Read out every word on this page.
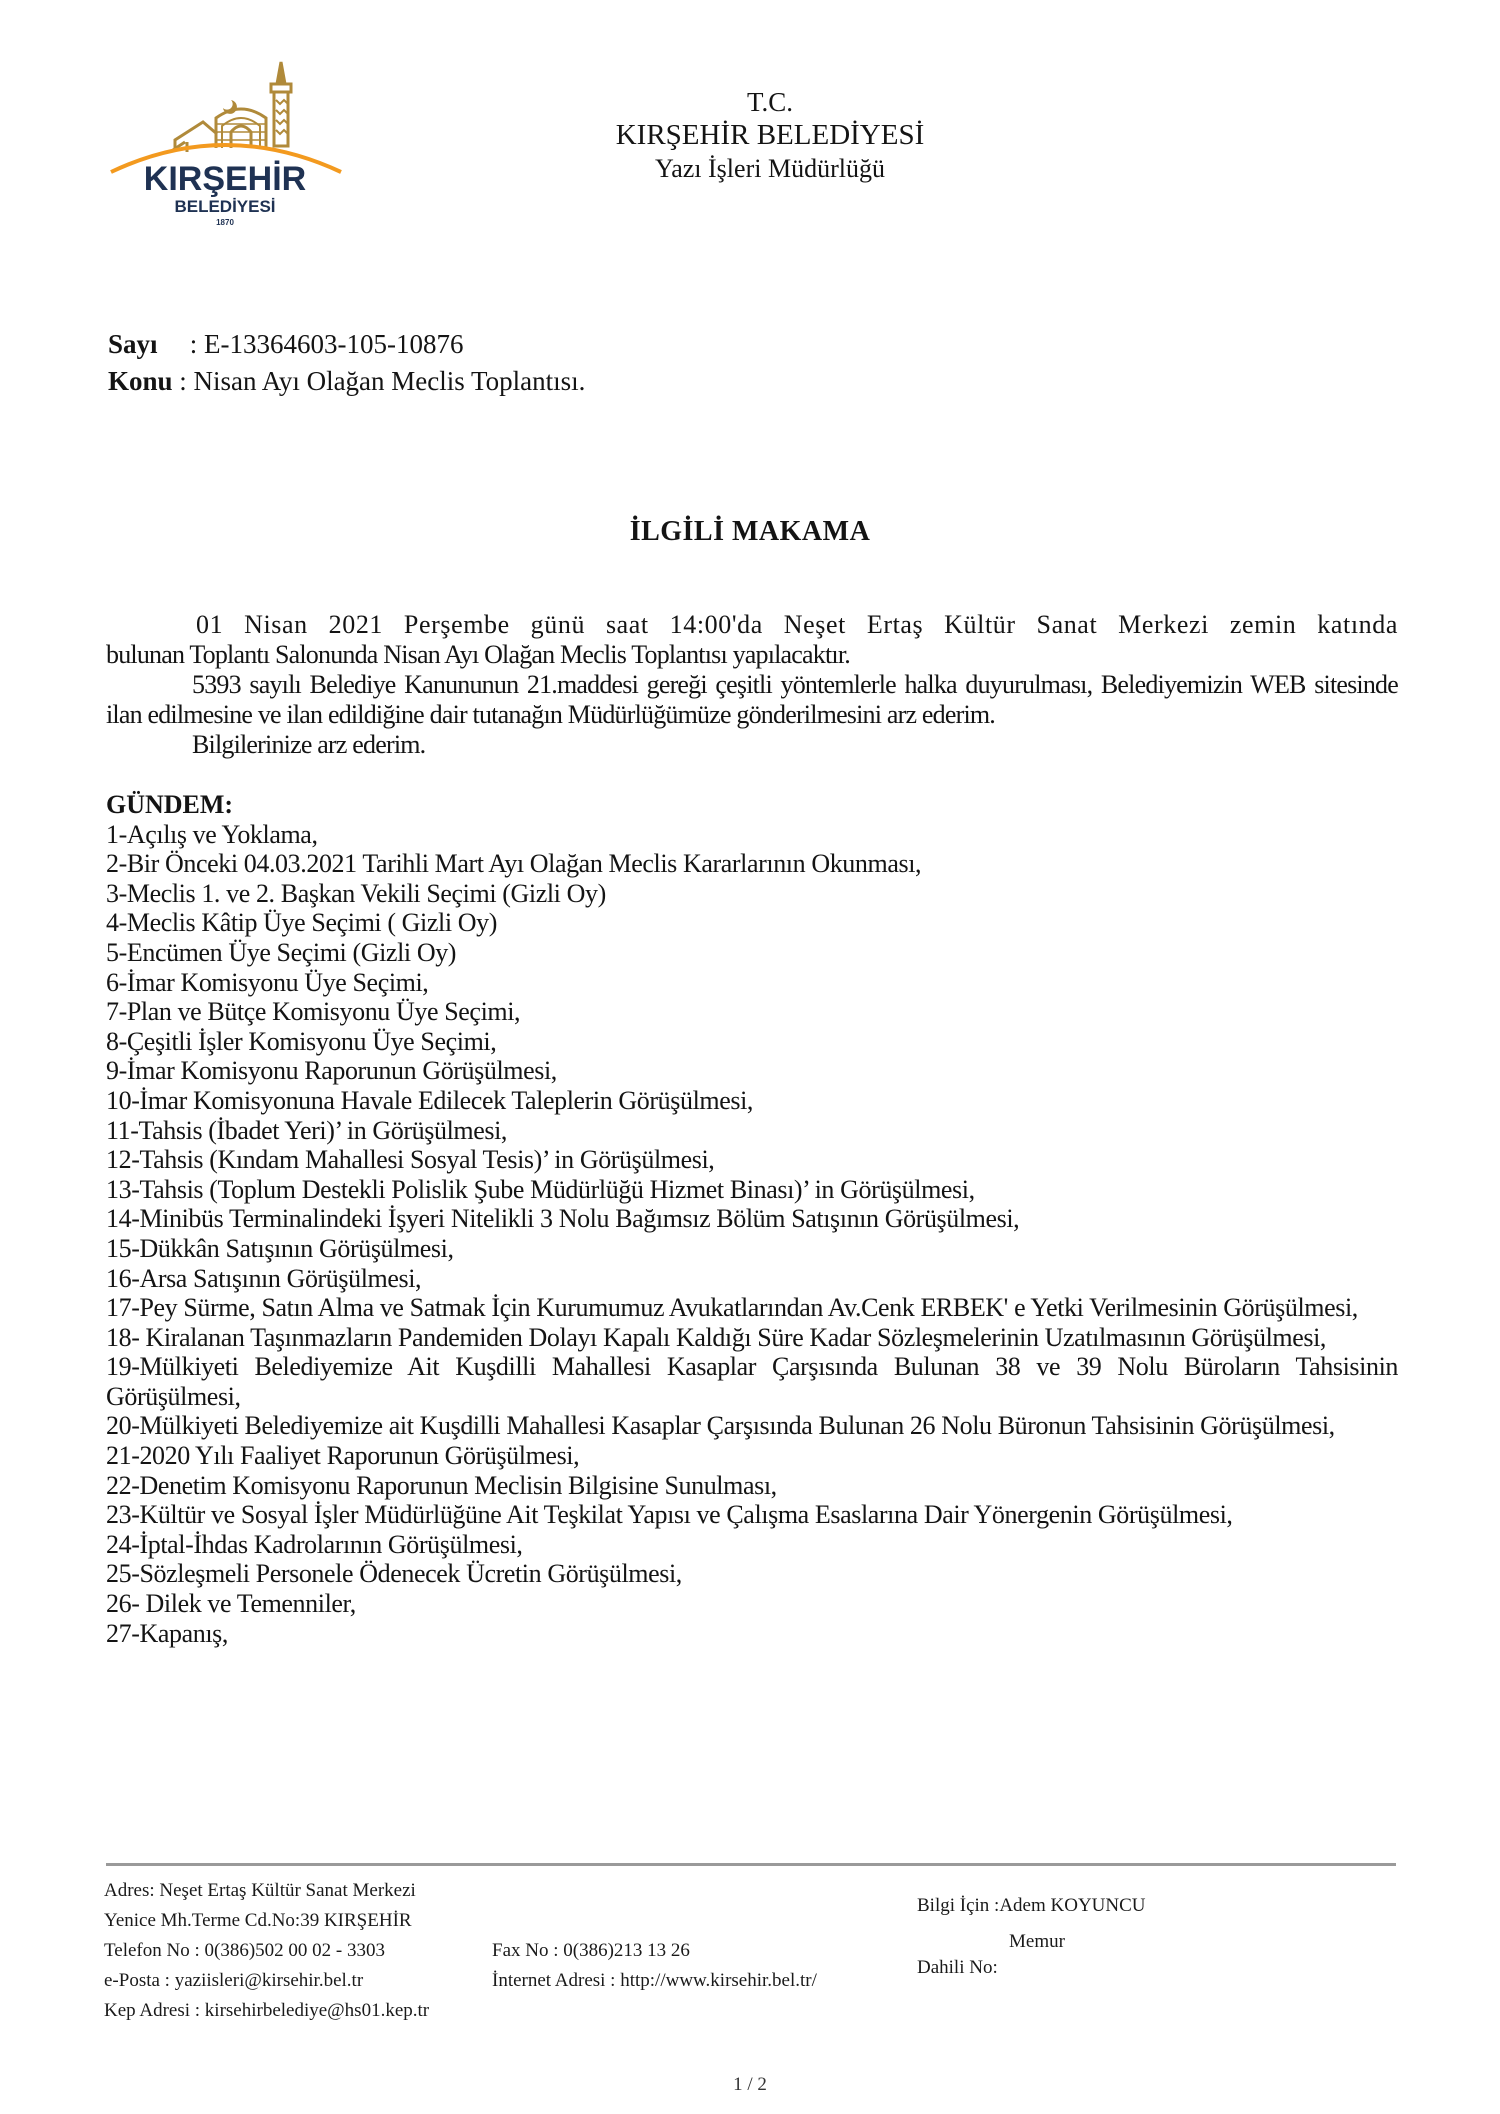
KIRŞEHİR
BELEDİYESİ
1870
T.C.
KIRŞEHİR BELEDİYESİ
Yazı İşleri Müdürlüğü
Sayı : E-13364603-105-10876
Konu : Nisan Ayı Olağan Meclis Toplantısı.
İLGİLİ MAKAMA

01 Nisan 2021 Perşembe günü saat 14:00'da Neşet Ertaş Kültür Sanat Merkezi zemin katında

bulunan Toplantı Salonunda Nisan Ayı Olağan Meclis Toplantısı yapılacaktır.

5393 sayılı Belediye Kanununun 21.maddesi gereği çeşitli yöntemlerle halka duyurulması, Belediyemizin WEB sitesinde ilan edilmesine ve ilan edildiğine dair tutanağın Müdürlüğümüze gönderilmesini arz ederim.

Bilgilerinize arz ederim.

GÜNDEM:

1-Açılış ve Yoklama,

2-Bir Önceki 04.03.2021 Tarihli Mart Ayı Olağan Meclis Kararlarının Okunması,

3-Meclis 1. ve 2. Başkan Vekili Seçimi (Gizli Oy)

4-Meclis Kâtip Üye Seçimi ( Gizli Oy)

5-Encümen Üye Seçimi (Gizli Oy)

6-İmar Komisyonu Üye Seçimi,

7-Plan ve Bütçe Komisyonu Üye Seçimi,

8-Çeşitli İşler Komisyonu Üye Seçimi,

9-İmar Komisyonu Raporunun Görüşülmesi,

10-İmar Komisyonuna Havale Edilecek Taleplerin Görüşülmesi,

11-Tahsis (İbadet Yeri)’ in Görüşülmesi,

12-Tahsis (Kındam Mahallesi Sosyal Tesis)’ in Görüşülmesi,

13-Tahsis (Toplum Destekli Polislik Şube Müdürlüğü Hizmet Binası)’ in Görüşülmesi,

14-Minibüs Terminalindeki İşyeri Nitelikli 3 Nolu Bağımsız Bölüm Satışının Görüşülmesi,

15-Dükkân Satışının Görüşülmesi,

16-Arsa Satışının Görüşülmesi,

17-Pey Sürme, Satın Alma ve Satmak İçin Kurumumuz Avukatlarından Av.Cenk ERBEK' e Yetki Verilmesinin Görüşülmesi,

18- Kiralanan Taşınmazların Pandemiden Dolayı Kapalı Kaldığı Süre Kadar Sözleşmelerinin Uzatılmasının Görüşülmesi,

19-Mülkiyeti Belediyemize Ait Kuşdilli Mahallesi Kasaplar Çarşısında Bulunan 38 ve 39 Nolu Büroların Tahsisinin Görüşülmesi,

20-Mülkiyeti Belediyemize ait Kuşdilli Mahallesi Kasaplar Çarşısında Bulunan 26 Nolu Büronun Tahsisinin Görüşülmesi,

21-2020 Yılı Faaliyet Raporunun Görüşülmesi,

22-Denetim Komisyonu Raporunun Meclisin Bilgisine Sunulması,

23-Kültür ve Sosyal İşler Müdürlüğüne Ait Teşkilat Yapısı ve Çalışma Esaslarına Dair Yönergenin Görüşülmesi,

24-İptal-İhdas Kadrolarının Görüşülmesi,

25-Sözleşmeli Personele Ödenecek Ücretin Görüşülmesi,

26- Dilek ve Temenniler,

27-Kapanış,

Adres: Neşet Ertaş Kültür Sanat Merkezi
Yenice Mh.Terme Cd.No:39 KIRŞEHİR
Telefon No : 0(386)502 00 02 - 3303
e-Posta : yaziisleri@kirsehir.bel.tr
Kep Adresi : kirsehirbelediye@hs01.kep.tr
Fax No : 0(386)213 13 26
İnternet Adresi : http://www.kirsehir.bel.tr/
Bilgi İçin :Adem KOYUNCU
Memur
Dahili No:
1 / 2
